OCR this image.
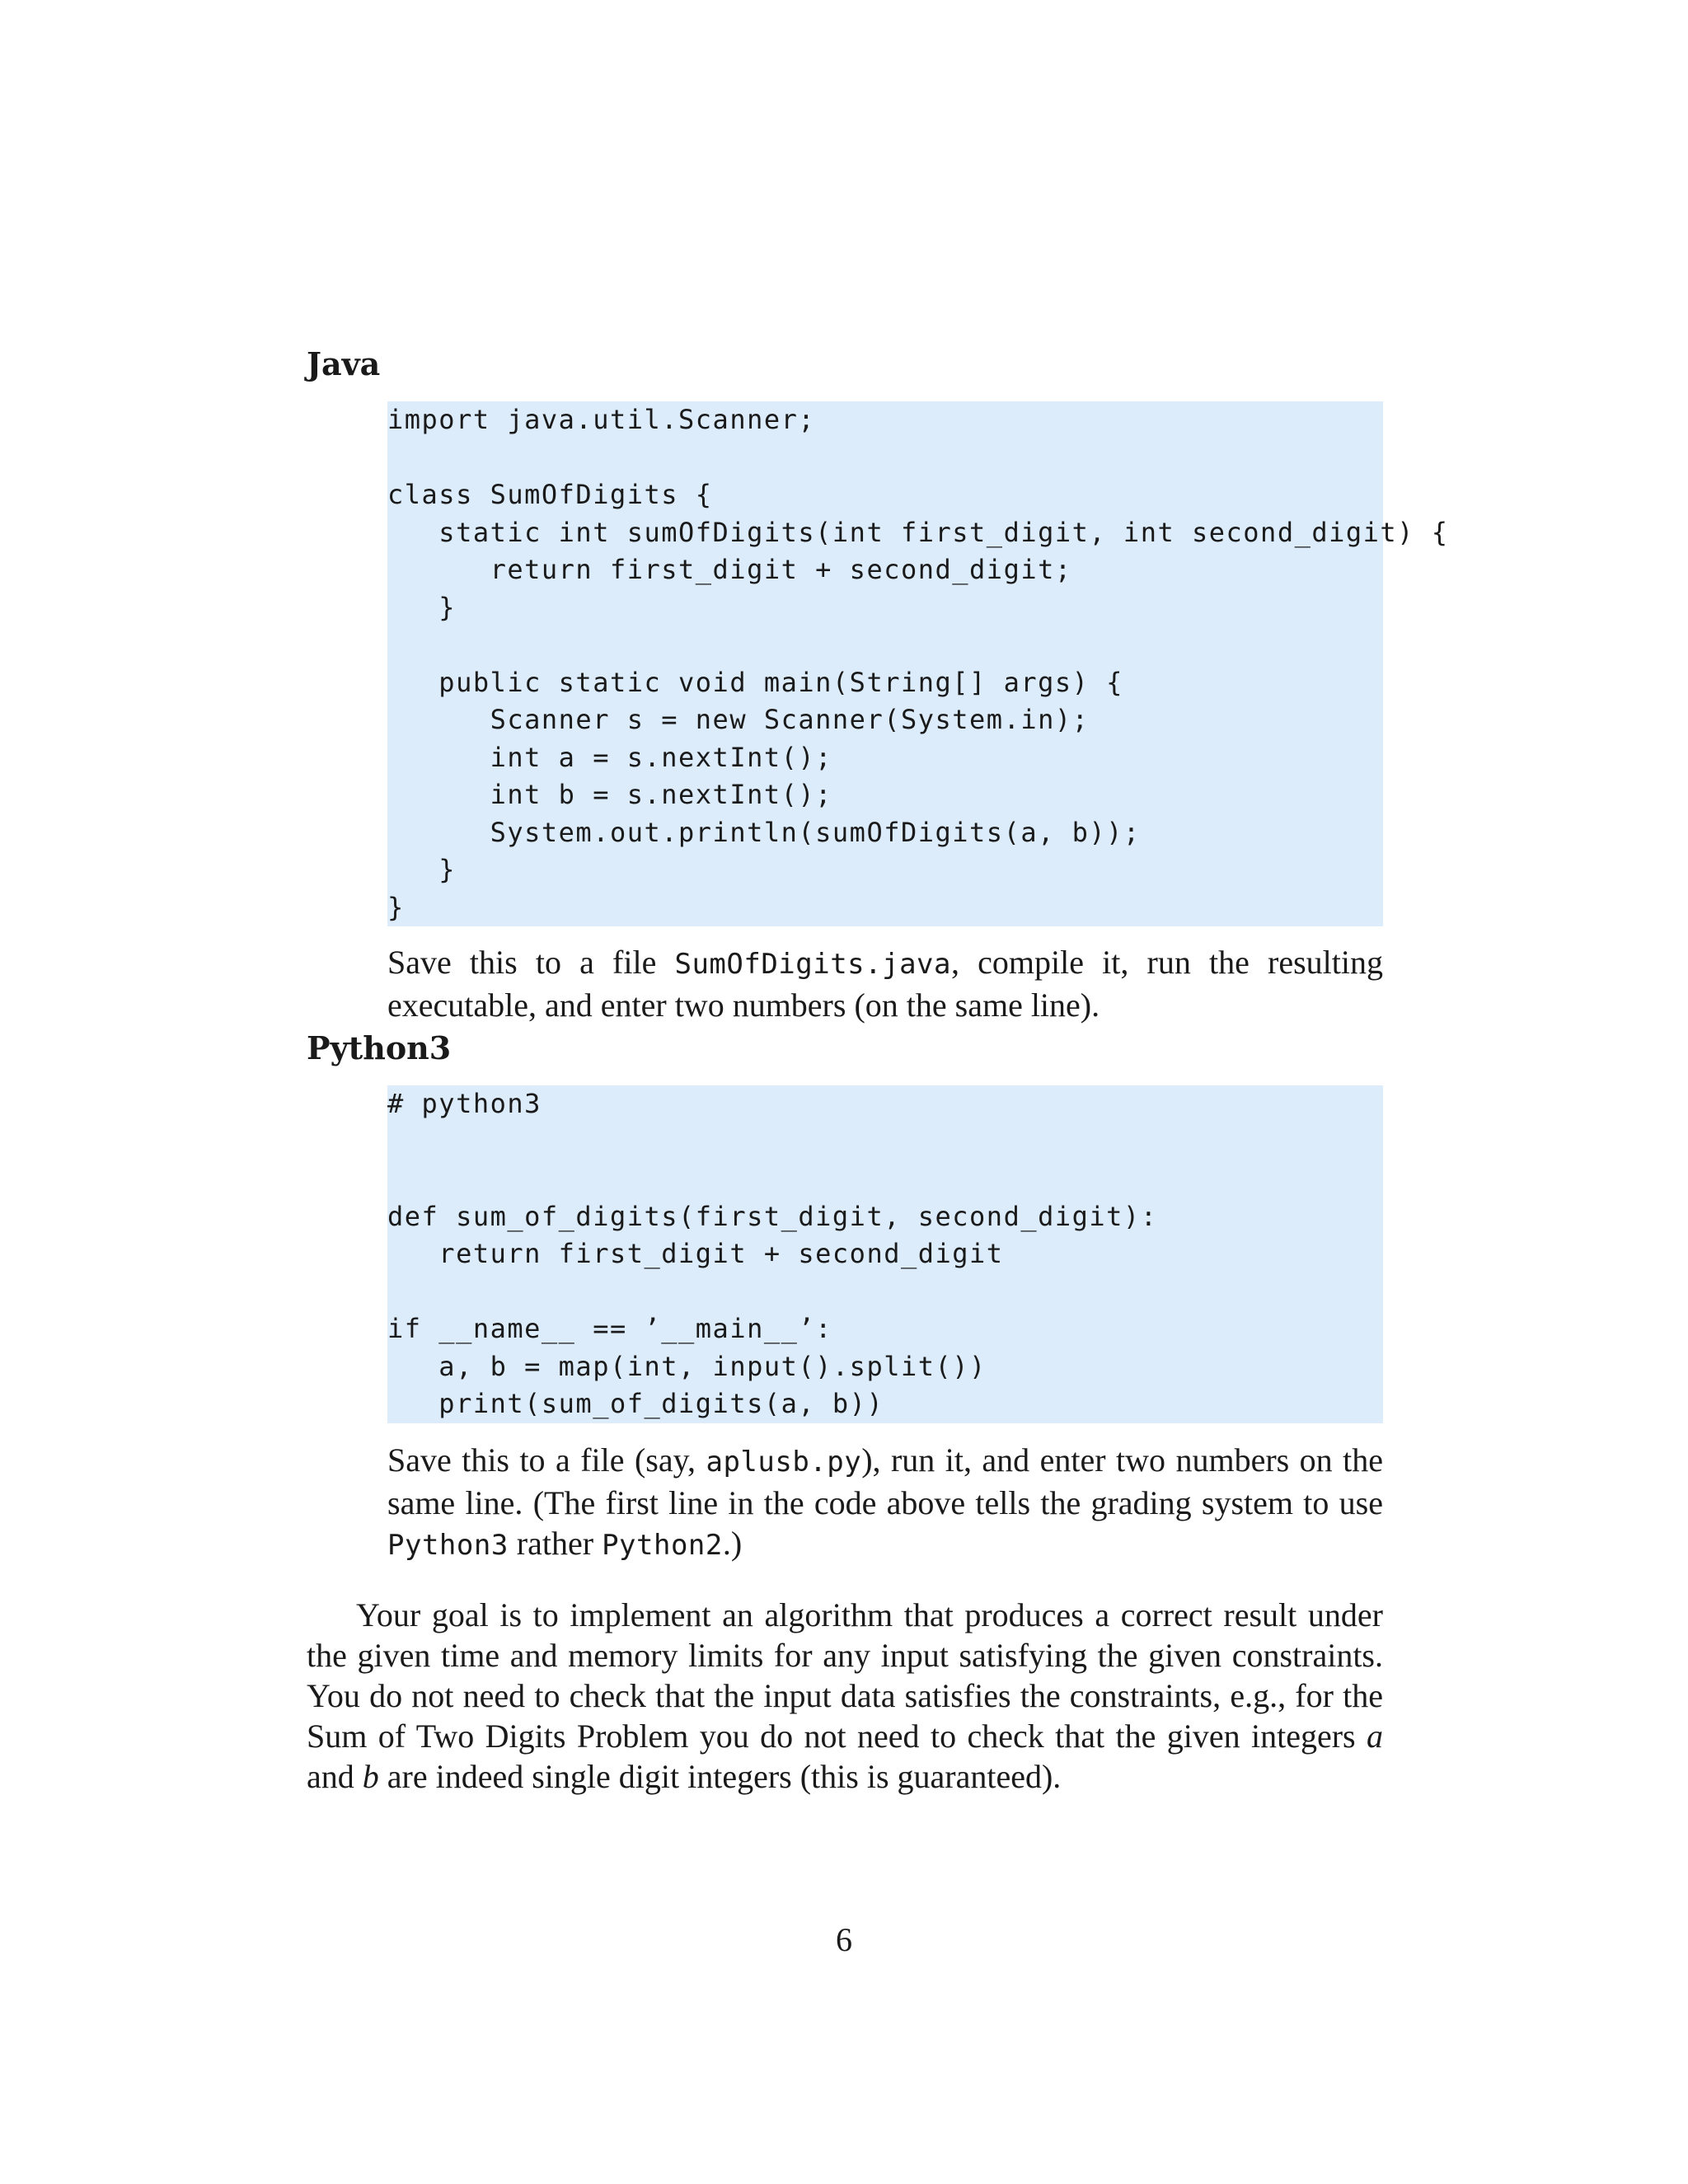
Java
import java.util.Scanner;
class SumOfDigits {
static int sumOfDigits(int first_digit, int second_digit) {
return first_digit + second_digit;
}
public static void main(String[] args) {
Scanner s = new Scanner(System.in);
int a = s.nextInt();
int b = s.nextInt();
System.out.println(sumOfDigits(a, b));
}
}

Save this to a file SumOfDigits.java, compile it, run the resulting executable, and enter two numbers (on the same line).

Python3
# python3
def sum_of_digits(first_digit, second_digit):
return first_digit + second_digit
if __name__ == ’__main__’:
a, b = map(int, input().split())
print(sum_of_digits(a, b))

Save this to a file (say, aplusb.py), run it, and enter two numbers on the same line. (The first line in the code above tells the grading system to use Python3 rather Python2.)

Your goal is to implement an algorithm that produces a correct result under the given time and memory limits for any input satisfying the given constraints. You do not need to check that the input data satisfies the constraints, e.g., for the Sum of Two Digits Problem you do not need to check that the given integers a and b are indeed single digit integers (this is guaranteed).

6
